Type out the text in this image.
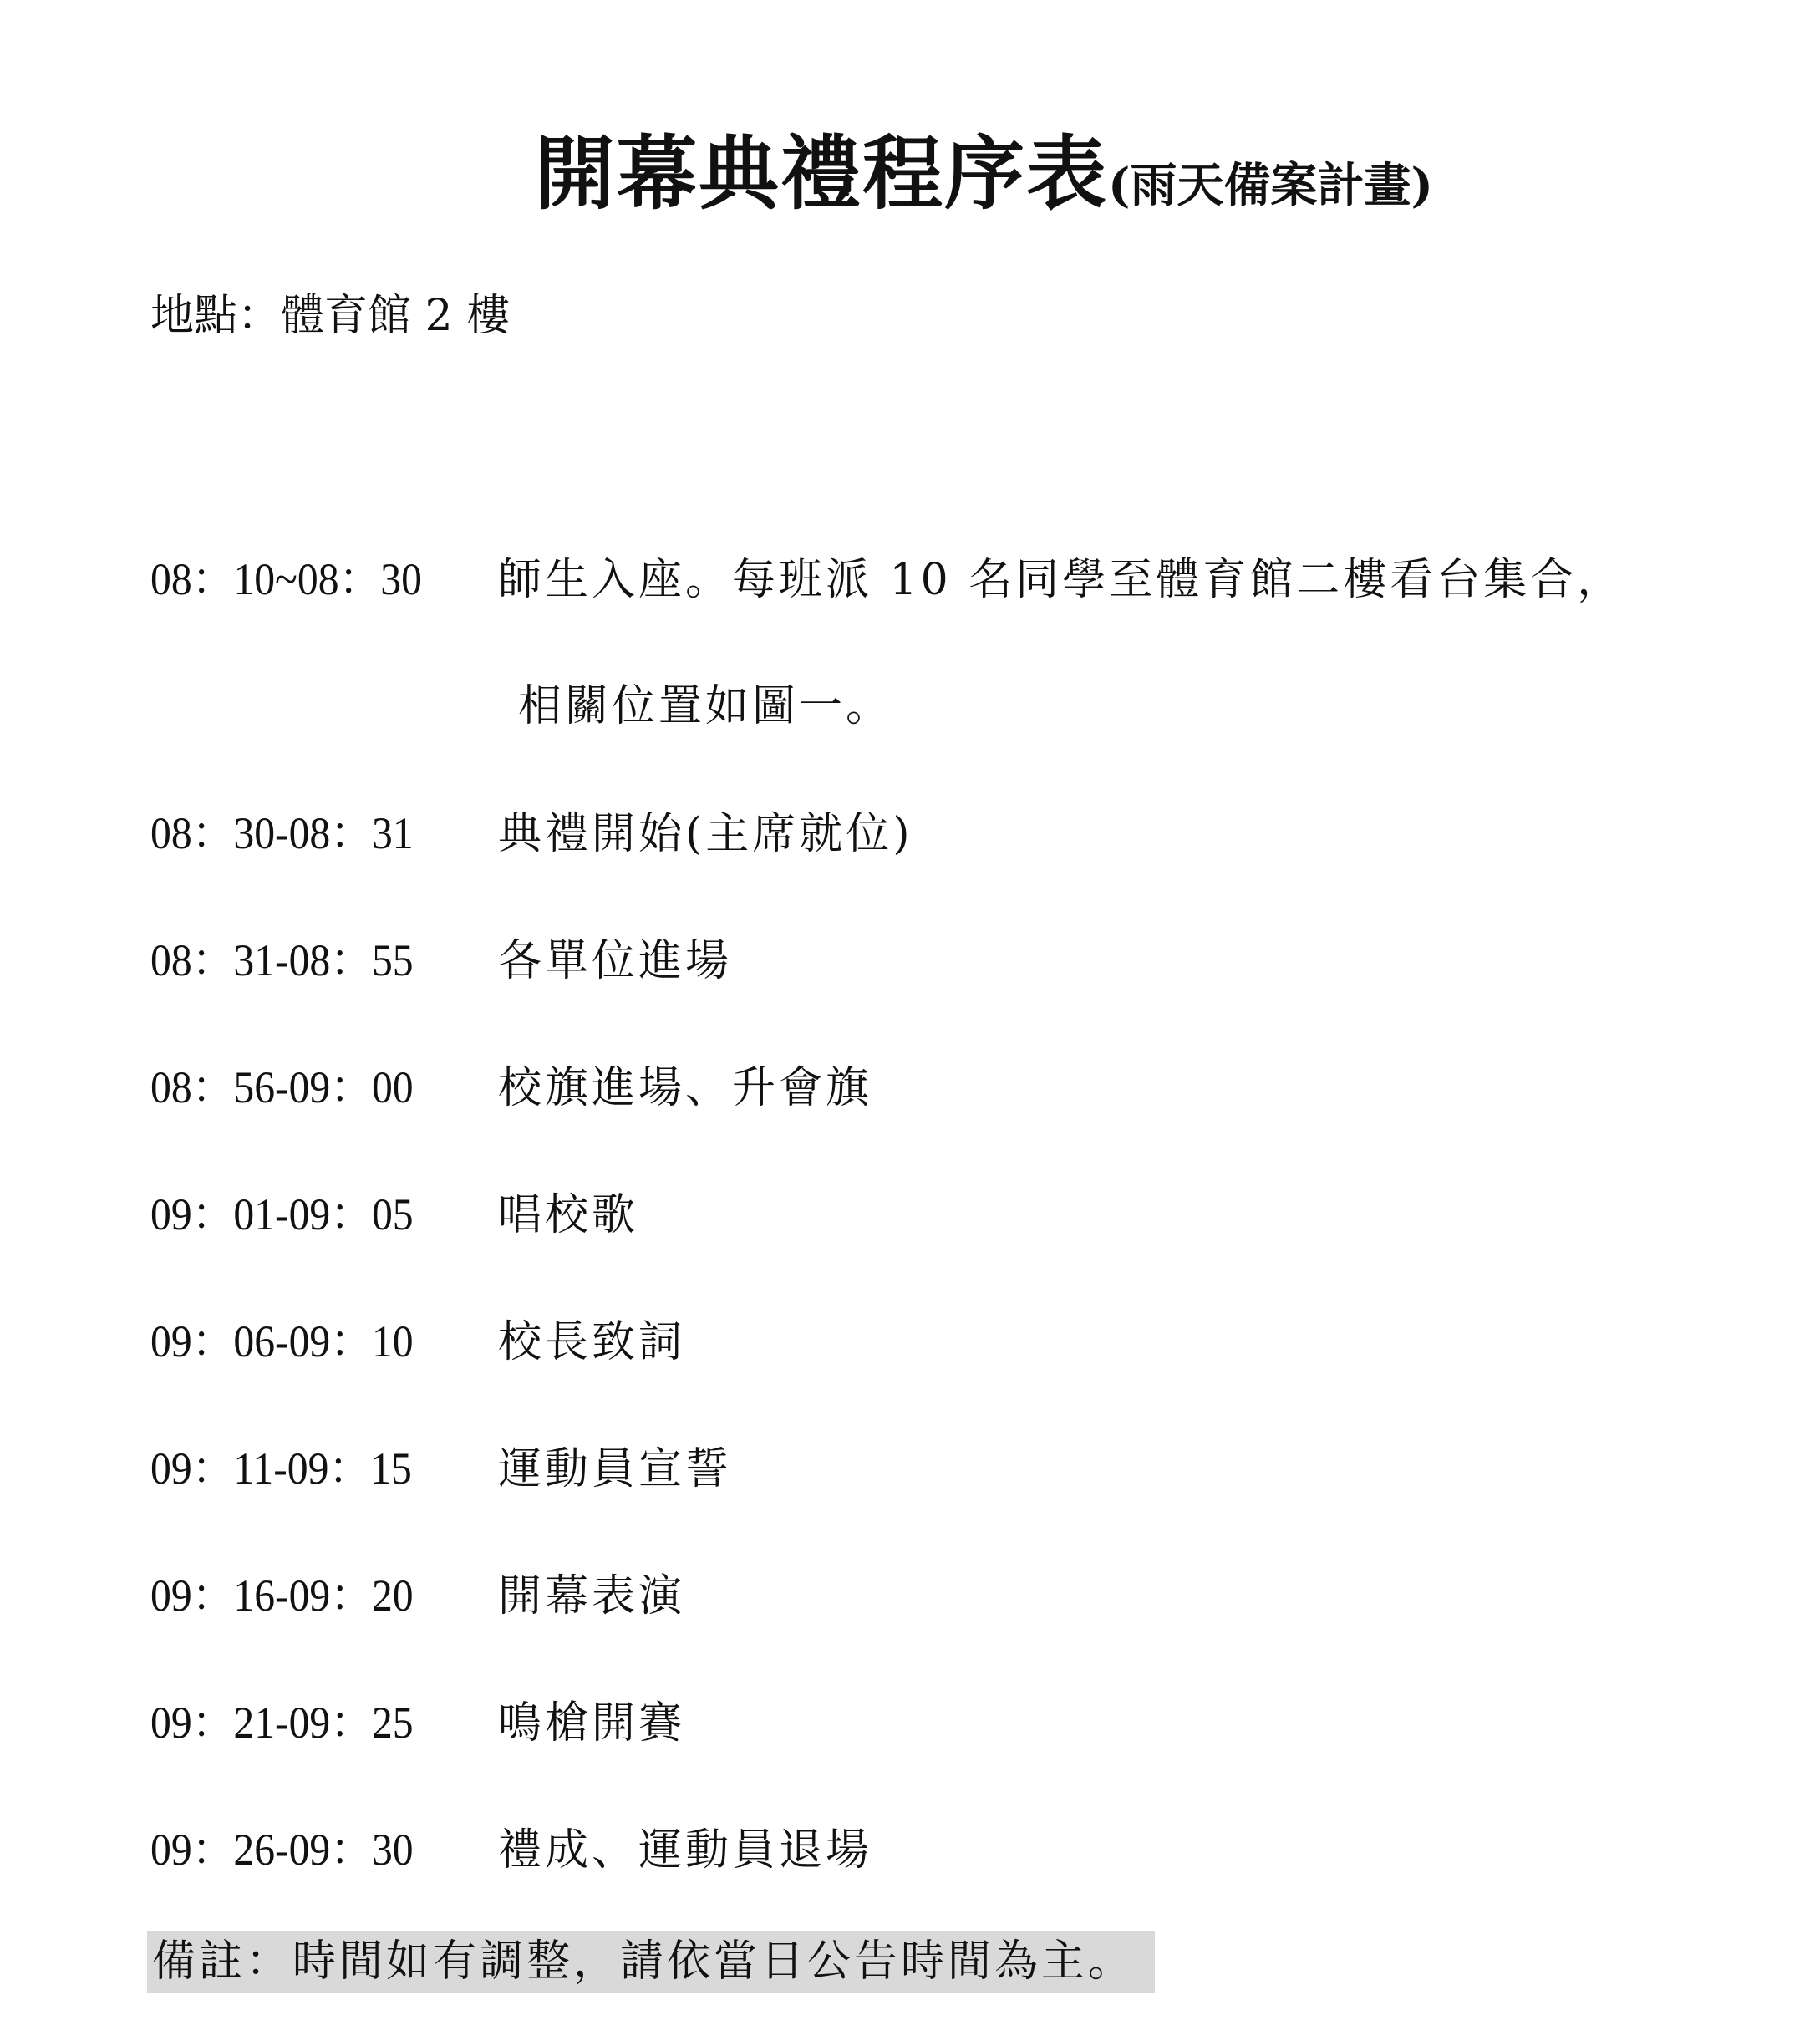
開幕典禮程序表(雨天備案計畫)
地點：體育館 2 樓
08：10~08：30	師生入座。每班派 10 名同學至體育館二樓看台集合，
相關位置如圖一。
08：30-08：31	典禮開始(主席就位)
08：31-08：55	各單位進場
08：56-09：00	校旗進場、升會旗
09：01-09：05	唱校歌
09：06-09：10	校長致詞
09：11-09：15	運動員宣誓
09：16-09：20	開幕表演
09：21-09：25	鳴槍開賽
09：26-09：30	禮成、運動員退場
備註：時間如有調整，請依當日公告時間為主。
